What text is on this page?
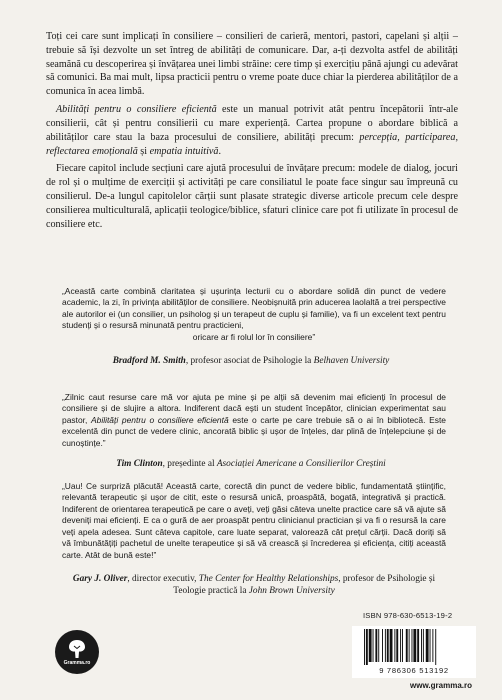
Toți cei care sunt implicați în consiliere – consilieri de carieră, mentori, pastori, capelani și alții – trebuie să își dezvolte un set întreg de abilități de comunicare. Dar, a-ți dezvolta astfel de abilități seamănă cu descoperirea și învățarea unei limbi străine: cere timp și exercițiu până ajungi cu adevărat să comunici. Ba mai mult, lipsa practicii pentru o vreme poate duce chiar la pierderea abilităților de a comunica în acea limbă.

Abilități pentru o consiliere eficientă este un manual potrivit atât pentru începătorii într-ale consilierii, cât și pentru consilierii cu mare experiență. Cartea propune o abordare biblică a abilităților care stau la baza procesului de consiliere, abilități precum: percepția, participarea, reflectarea emoțională și empatia intuitivă.

Fiecare capitol include secțiuni care ajută procesului de învățare precum: modele de dialog, jocuri de rol și o mulțime de exerciții și activități pe care consiliatul le poate face singur sau împreună cu consilierul. De-a lungul capitolelor cărții sunt plasate strategic diverse articole precum cele despre consilierea multiculturală, aplicații teologice/biblice, sfaturi clinice care pot fi utilizate în procesul de consiliere etc.

„Această carte combină claritatea și ușurința lecturii cu o abordare solidă din punct de vedere academic, la zi, în privința abilităților de consiliere. Neobișnuită prin aducerea laolaltă a trei perspective ale autorilor ei (un consilier, un psiholog și un terapeut de cuplu și familie), va fi un excelent text pentru studenți și o resursă minunată pentru practicieni,
oricare ar fi rolul lor în consiliere”
Bradford M. Smith, profesor asociat de Psihologie la Belhaven University
„Zilnic caut resurse care mă vor ajuta pe mine și pe alții să devenim mai eficienți în procesul de consiliere și de slujire a altora. Indiferent dacă ești un student începător, clinician experimentat sau pastor, Abilități pentru o consiliere eficientă este o carte pe care trebuie să o ai în bibliotecă. Este excelentă din punct de vedere clinic, ancorată biblic și ușor de înțeles, dar plină de înțelepciune și de cunoștințe.”
Tim Clinton, președinte al Asociației Americane a Consilierilor Creștini
„Uau! Ce surpriză plăcută! Această carte, corectă din punct de vedere biblic, fundamentată științific, relevantă terapeutic și ușor de citit, este o resursă unică, proaspătă, bogată, integrativă și practică. Indiferent de orientarea terapeutică pe care o aveți, veți găsi câteva unelte practice care să vă ajute să deveniți mai eficienți. E ca o gură de aer proaspăt pentru clinicianul practician și va fi o resursă la care veți apela adesea. Sunt câteva capitole, care luate separat, valorează cât prețul cărții. Dacă doriți să vă îmbunătățiți pachetul de unelte terapeutice și să vă crească și încrederea și eficiența, citiți această carte. Atât de bună este!”
Gary J. Oliver, director executiv, The Center for Healthy Relationships, profesor de Psihologie și Teologie practică la John Brown University
Gramma.ro
ISBN 978-630-6513-19-2
9 786306 513192
www.gramma.ro
